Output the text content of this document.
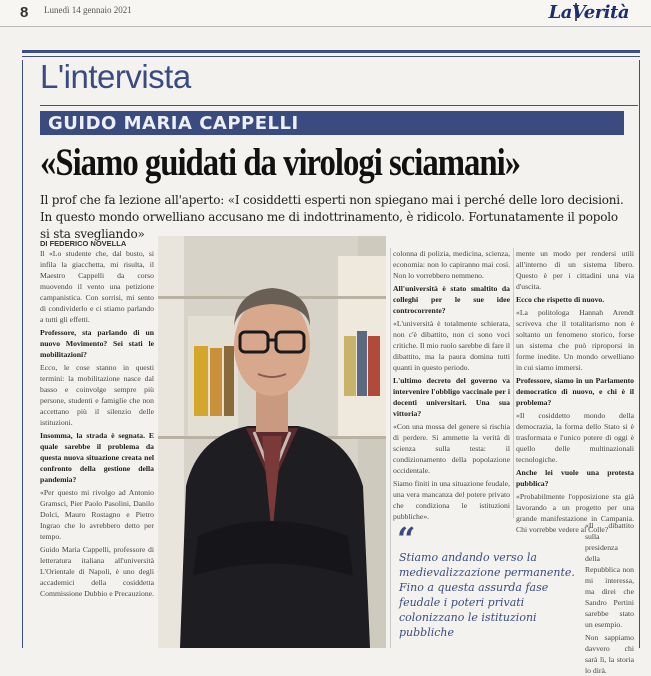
8 Lunedì 14 gennaio 2021	LaVerità
L'intervista
GUIDO MARIA CAPPELLI
«Siamo guidati da virologi sciamani»
Il prof che fa lezione all'aperto: «I cosiddetti esperti non spiegano mai i perché delle loro decisioni. In questo mondo orwelliano accusano me di indottrinamento, è ridicolo. Fortunatamente il popolo si sta svegliando»
DI FEDERICO NOVELLA

Il «Lo studente che, dal busto, si infila la giacchetta, mi risulta, il Maestro Cappelli da corso muovendo il vento una petizione campanistica. Con sorrisi, mi sento di condividerlo e ci stiamo parlando a tutti gli effetti.

Professore, sta parlando di un nuovo Movimento? Sei stati le mobilitazioni?

Ecco, le cose stanno in questi termini: la mobilitazione nasce dal basso e coinvolge sempre più persone, studenti e famiglie che non accettano più il silenzio delle istituzioni.

Insomma, la strada è segnata. E quale sarebbe il problema da questa nuova situazione creata nel confronto della gestione della pandemia?

«Per questo mi rivolgo ad Antonio Gramsci, Pier Paolo Pasolini, Danilo Dolci, Mauro Rostagno e Pietro Ingrao che lo avrebbero detto per tempo.

Guido Maria Cappelli, professore di letteratura italiana all'università L'Orientale di Napoli, è uno degli accademici della cosiddetta Commissione Dubbio e Precauzione.

colonna di polizia, medicina, scienza, economia: non lo capiranno mai così. Non lo vorrebbero nemmeno.

All'università è stato smaltito da colleghi per le sue idee controcorrente?

«L'università è totalmente schierata, non c'è dibattito, non ci sono voci critiche. Il mio ruolo sarebbe di fare il dibattito, ma la paura domina tutti quanti in questo periodo.

L'ultimo decreto del governo va intervenire l'obbligo vaccinale per i docenti universitari. Una sua vittoria?

«Con una mossa del genere si rischia di perdere. Si ammette la verità di scienza sulla testa: il condizionamento della popolazione occidentale.

Siamo finiti in una situazione feudale, una vera mancanza del potere privato che condiziona le istituzioni pubbliche».

mente un modo per rendersi utili all'interno di un sistema libero. Questo è per i cittadini una via d'uscita.

Ecco che rispetto di nuovo.

«La politologa Hannah Arendt scriveva che il totalitarismo non è soltanto un fenomeno storico, forse un sistema che può riproporsi in forme inedite. Un mondo orwelliano in cui siamo immersi.

Professore, siamo in un Parlamento democratico di nuovo, e chi è il problema?

«Il cosiddetto mondo della democrazia, la forma dello Stato si è trasformata e l'unico potere di oggi è quello delle multinazionali tecnologiche.

Anche lei vuole una protesta pubblica?

«Probabilmente l'opposizione sta già lavorando a un progetto per una grande manifestazione in Campania. Chi vorrebbe vedere al Colle?

“
Stiamo andando verso la medievalizzazione permanente. Fino a questa assurda fase feudale i poteri privati colonizzano le istituzioni pubbliche

«Il dibattito sulla presidenza della Repubblica non mi interessa, ma direi che Sandro Pertini sarebbe stato un esempio.

Non sappiamo davvero chi sarà lì, la storia lo dirà.
